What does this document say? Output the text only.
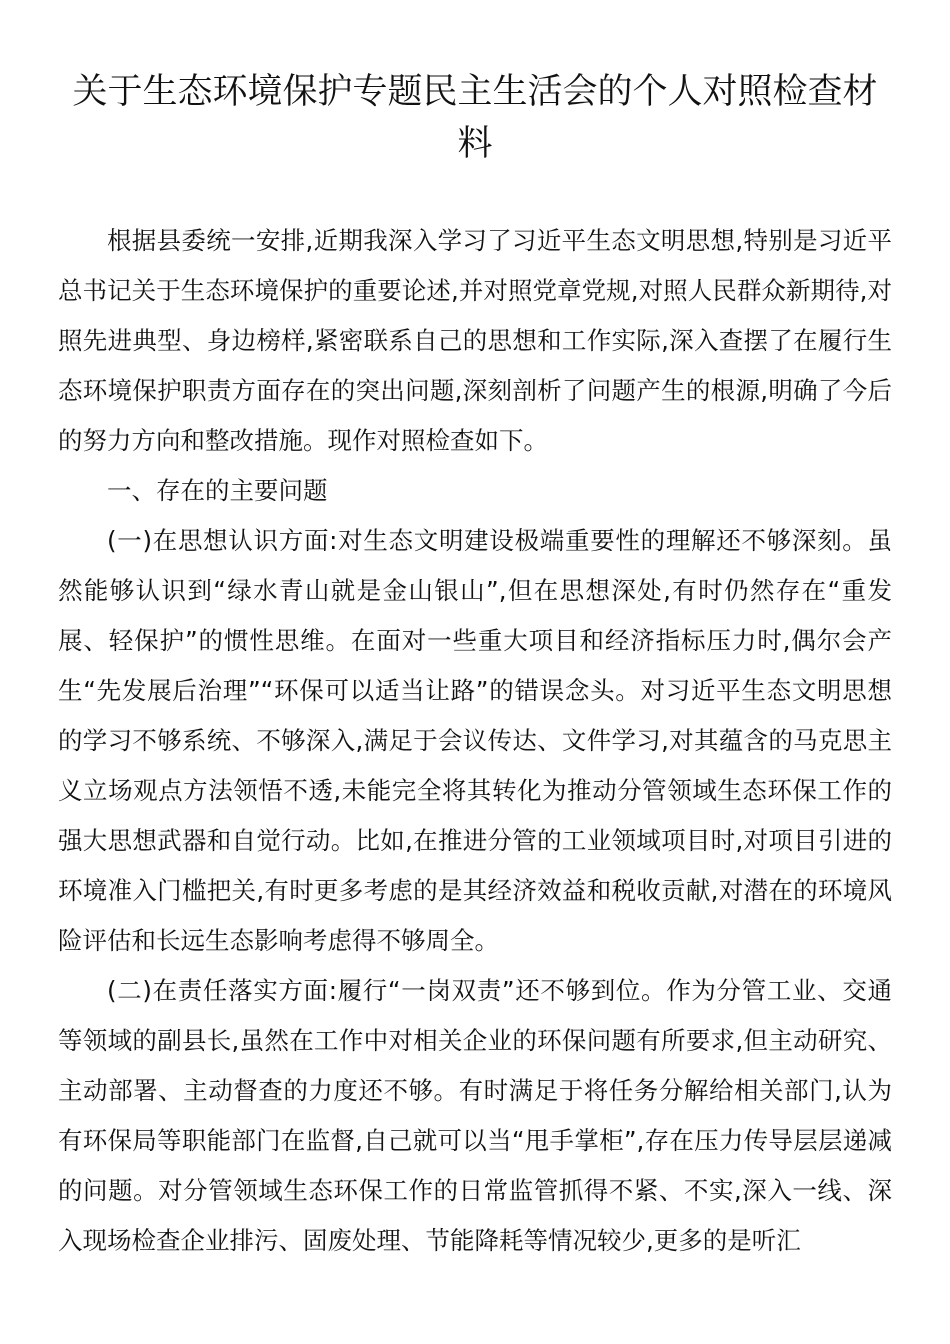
关于生态环境保护专题民主生活会的个人对照检查材料

根据县委统一安排,近期我深入学习了习近平生态文明思想,特别是习近平总书记关于生态环境保护的重要论述,并对照党章党规,对照人民群众新期待,对照先进典型、身边榜样,紧密联系自己的思想和工作实际,深入查摆了在履行生态环境保护职责方面存在的突出问题,深刻剖析了问题产生的根源,明确了今后的努力方向和整改措施。现作对照检查如下。

一、存在的主要问题

(一)在思想认识方面:对生态文明建设极端重要性的理解还不够深刻。虽然能够认识到“绿水青山就是金山银山”,但在思想深处,有时仍然存在“重发展、轻保护”的惯性思维。在面对一些重大项目和经济指标压力时,偶尔会产生“先发展后治理”“环保可以适当让路”的错误念头。对习近平生态文明思想的学习不够系统、不够深入,满足于会议传达、文件学习,对其蕴含的马克思主义立场观点方法领悟不透,未能完全将其转化为推动分管领域生态环保工作的强大思想武器和自觉行动。比如,在推进分管的工业领域项目时,对项目引进的环境准入门槛把关,有时更多考虑的是其经济效益和税收贡献,对潜在的环境风险评估和长远生态影响考虑得不够周全。

(二)在责任落实方面:履行“一岗双责”还不够到位。作为分管工业、交通等领域的副县长,虽然在工作中对相关企业的环保问题有所要求,但主动研究、主动部署、主动督查的力度还不够。有时满足于将任务分解给相关部门,认为有环保局等职能部门在监督,自己就可以当“甩手掌柜”,存在压力传导层层递减的问题。对分管领域生态环保工作的日常监管抓得不紧、不实,深入一线、深入现场检查企业排污、固废处理、节能降耗等情况较少,更多的是听汇
